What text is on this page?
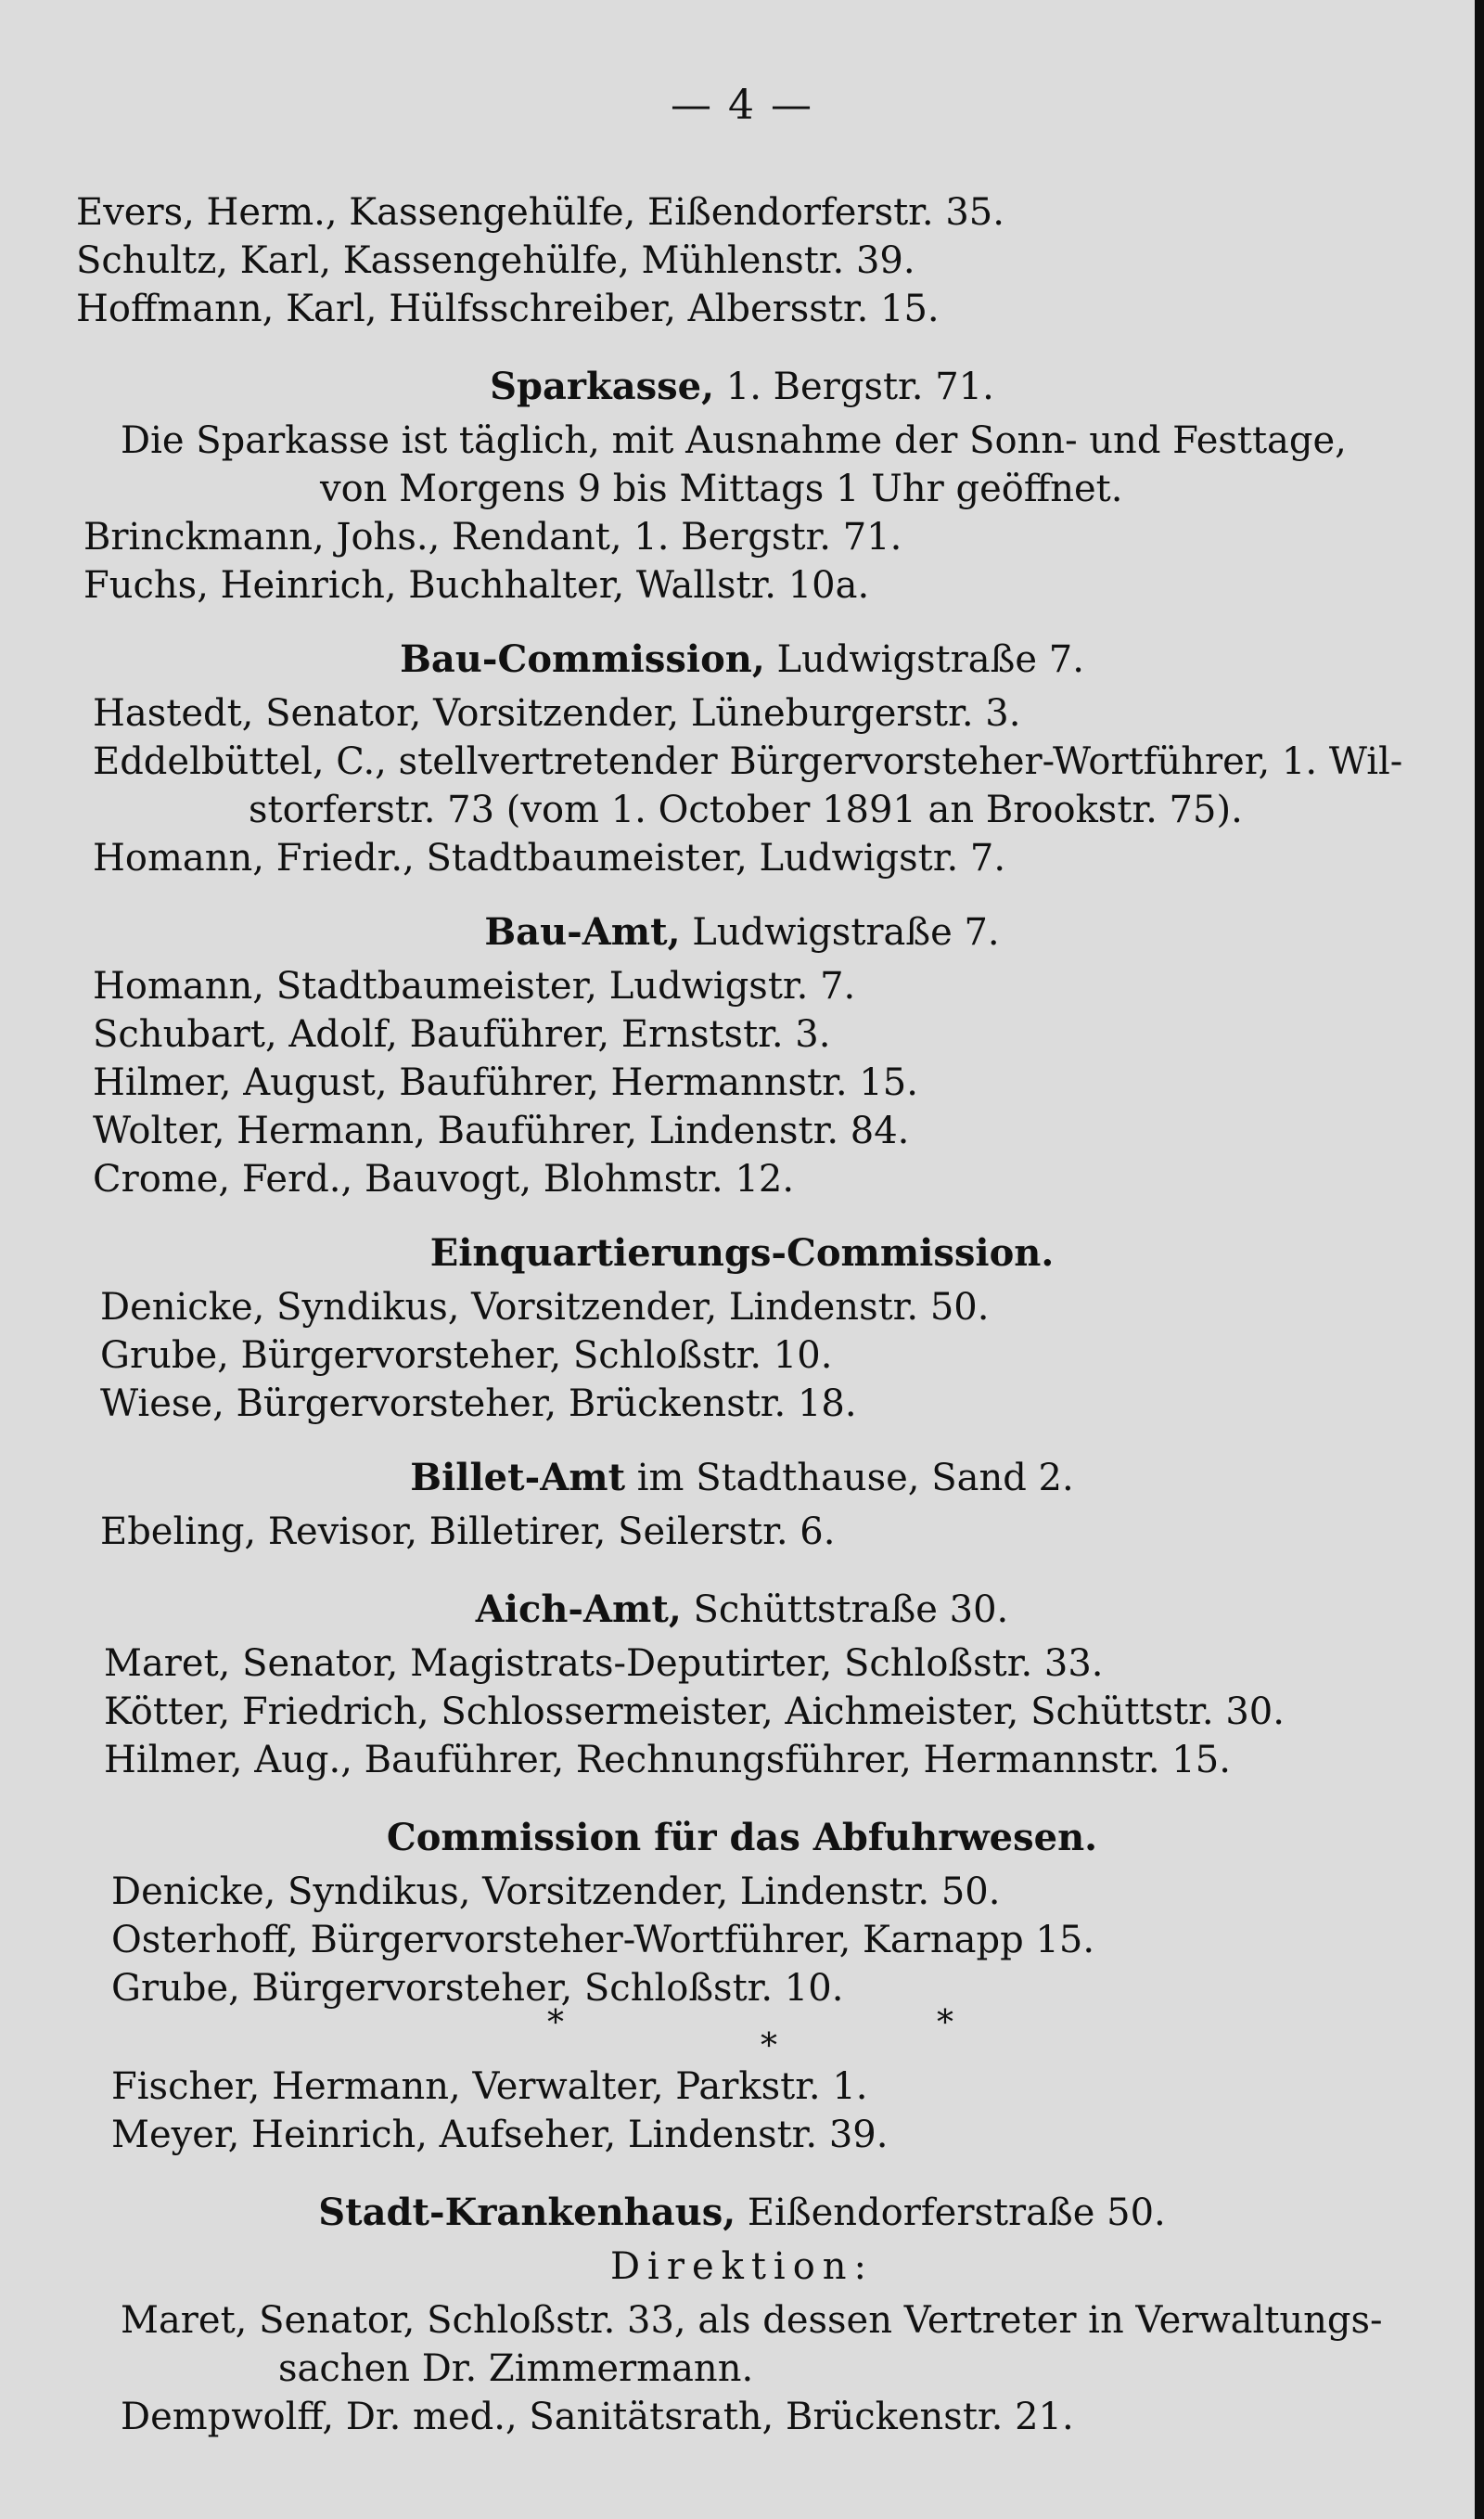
— 4 —
Evers, Herm., Kassengehülfe, Eißendorferstr. 35.
Schultz, Karl, Kassengehülfe, Mühlenstr. 39.
Hoffmann, Karl, Hülfsschreiber, Albersstr. 15.
Sparkasse, 1. Bergstr. 71.
Die Sparkasse ist täglich, mit Ausnahme der Sonn- und Festtage,
von Morgens 9 bis Mittags 1 Uhr geöffnet.
Brinckmann, Johs., Rendant, 1. Bergstr. 71.
Fuchs, Heinrich, Buchhalter, Wallstr. 10a.
Bau-Commission, Ludwigstraße 7.
Hastedt, Senator, Vorsitzender, Lüneburgerstr. 3.
Eddelbüttel, C., stellvertretender Bürgervorsteher-Wortführer, 1. Wil-
storferstr. 73 (vom 1. October 1891 an Brookstr. 75).
Homann, Friedr., Stadtbaumeister, Ludwigstr. 7.
Bau-Amt, Ludwigstraße 7.
Homann, Stadtbaumeister, Ludwigstr. 7.
Schubart, Adolf, Bauführer, Ernststr. 3.
Hilmer, August, Bauführer, Hermannstr. 15.
Wolter, Hermann, Bauführer, Lindenstr. 84.
Crome, Ferd., Bauvogt, Blohmstr. 12.
Einquartierungs-Commission.
Denicke, Syndikus, Vorsitzender, Lindenstr. 50.
Grube, Bürgervorsteher, Schloßstr. 10.
Wiese, Bürgervorsteher, Brückenstr. 18.
Billet-Amt im Stadthause, Sand 2.
Ebeling, Revisor, Billetirer, Seilerstr. 6.
Aich-Amt, Schüttstraße 30.
Maret, Senator, Magistrats-Deputirter, Schloßstr. 33.
Kötter, Friedrich, Schlossermeister, Aichmeister, Schüttstr. 30.
Hilmer, Aug., Bauführer, Rechnungsführer, Hermannstr. 15.
Commission für das Abfuhrwesen.
Denicke, Syndikus, Vorsitzender, Lindenstr. 50.
Osterhoff, Bürgervorsteher-Wortführer, Karnapp 15.
Grube, Bürgervorsteher, Schloßstr. 10.
*
*
*
Fischer, Hermann, Verwalter, Parkstr. 1.
Meyer, Heinrich, Aufseher, Lindenstr. 39.
Stadt-Krankenhaus, Eißendorferstraße 50.
Direktion:
Maret, Senator, Schloßstr. 33, als dessen Vertreter in Verwaltungs-
sachen Dr. Zimmermann.
Dempwolff, Dr. med., Sanitätsrath, Brückenstr. 21.
